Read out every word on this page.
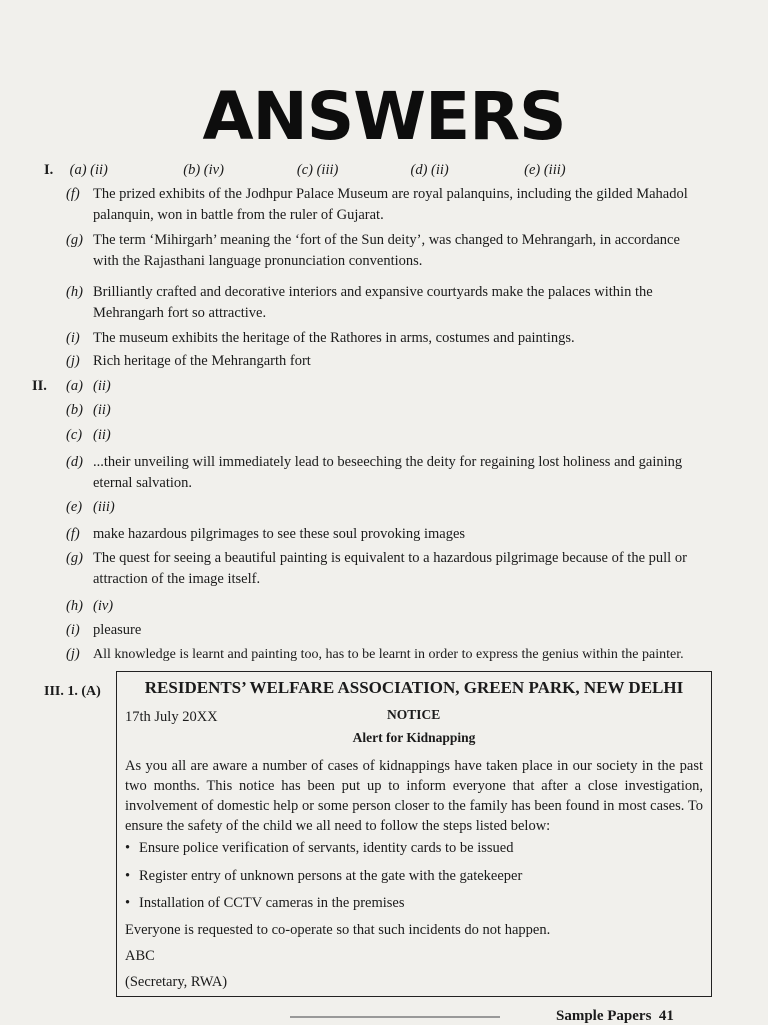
ANSWERS
I. (a) (ii)	(b) (iv)	(c) (iii)	(d) (ii)	(e) (iii)
(f) The prized exhibits of the Jodhpur Palace Museum are royal palanquins, including the gilded Mahadol palanquin, won in battle from the ruler of Gujarat.
(g) The term ‘Mihirgarh’ meaning the ‘fort of the Sun deity’, was changed to Mehrangarh, in accordance with the Rajasthani language pronunciation conventions.
(h) Brilliantly crafted and decorative interiors and expansive courtyards make the palaces within the Mehrangarh fort so attractive.
(i) The museum exhibits the heritage of the Rathores in arms, costumes and paintings.
(j) Rich heritage of the Mehrangarth fort
II. (a) (ii)
(b) (ii)
(c) (ii)
(d) ...their unveiling will immediately lead to beseeching the deity for regaining lost holiness and gaining eternal salvation.
(e) (iii)
(f) make hazardous pilgrimages to see these soul provoking images
(g) The quest for seeing a beautiful painting is equivalent to a hazardous pilgrimage because of the pull or attraction of the image itself.
(h) (iv)
(i) pleasure
(j) All knowledge is learnt and painting too, has to be learnt in order to express the genius within the painter.
III. 1. (A)	RESIDENTS’ WELFARE ASSOCIATION, GREEN PARK, NEW DELHI
17th July 20XX	NOTICE
Alert for Kidnapping
As you all are aware a number of cases of kidnappings have taken place in our society in the past two months. This notice has been put up to inform everyone that after a close investigation, involvement of domestic help or some person closer to the family has been found in most cases. To ensure the safety of the child we all need to follow the steps listed below:
• Ensure police verification of servants, identity cards to be issued
• Register entry of unknown persons at the gate with the gatekeeper
• Installation of CCTV cameras in the premises
Everyone is requested to co-operate so that such incidents do not happen.
ABC
(Secretary, RWA)
Sample Papers 41
